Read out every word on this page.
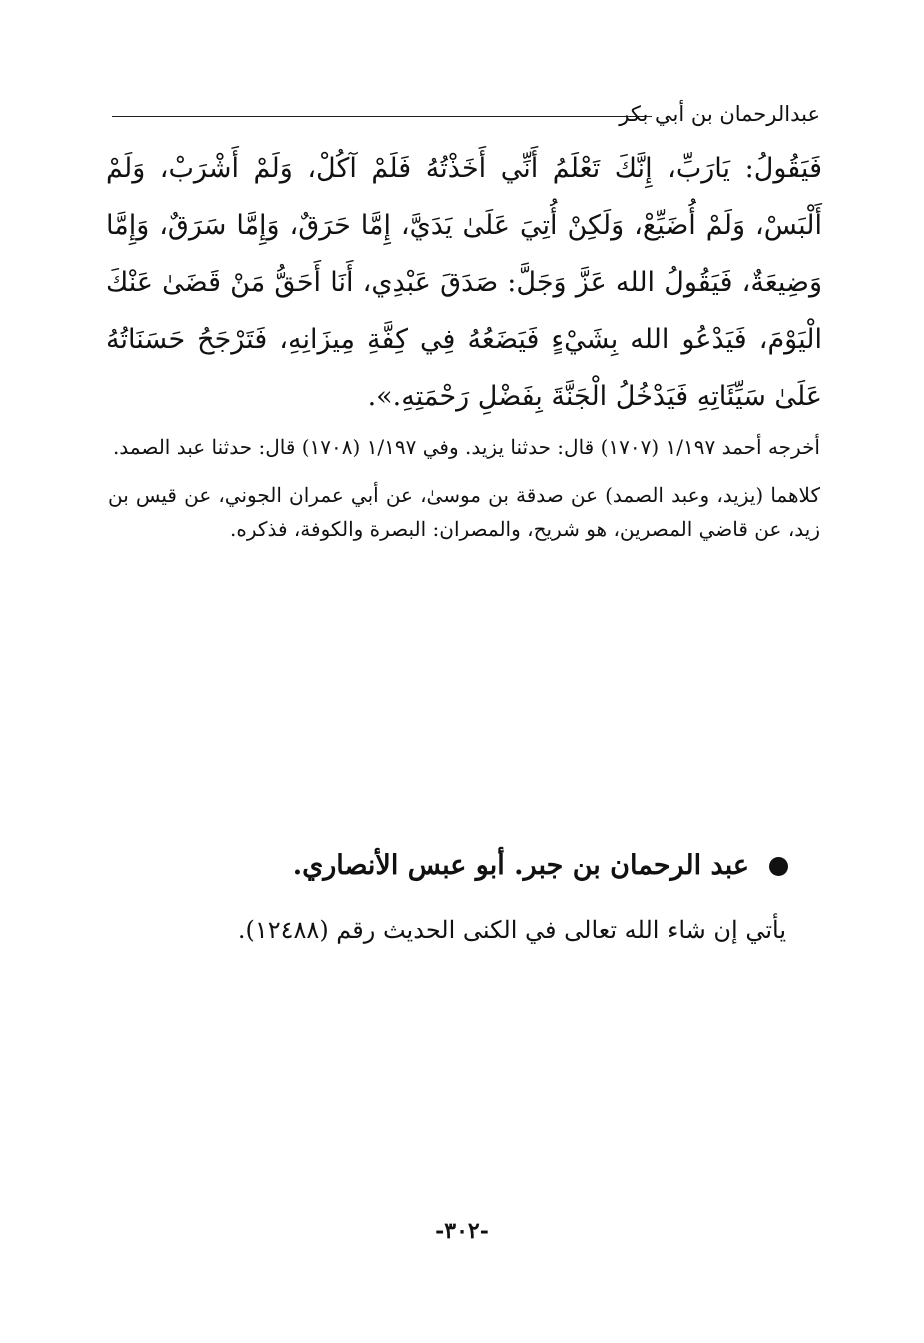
عبدالرحمان بن أبي بكر
فَيَقُولُ: يَارَبِّ، إِنَّكَ تَعْلَمُ أَنِّي أَخَذْتُهُ فَلَمْ آكُلْ، وَلَمْ أَشْرَبْ، وَلَمْ أَلْبَسْ، وَلَمْ أُضَيِّعْ، وَلَكِنْ أُتِيَ عَلَىٰ يَدَيَّ، إِمَّا حَرَقٌ، وَإِمَّا سَرَقٌ، وَإِمَّا وَضِيعَةٌ، فَيَقُولُ الله عَزَّ وَجَلَّ: صَدَقَ عَبْدِي، أَنَا أَحَقُّ مَنْ قَضَىٰ عَنْكَ الْيَوْمَ، فَيَدْعُو الله بِشَيْءٍ فَيَضَعُهُ فِي كِفَّةِ مِيزَانِهِ، فَتَرْجَحُ حَسَنَاتُهُ عَلَىٰ سَيِّئَاتِهِ فَيَدْخُلُ الْجَنَّةَ بِفَضْلِ رَحْمَتِهِ.».

أخرجه أحمد ١/١٩٧ (١٧٠٧) قال: حدثنا يزيد. وفي ١/١٩٧ (١٧٠٨) قال: حدثنا عبد الصمد.

كلاهما (يزيد، وعبد الصمد) عن صدقة بن موسىٰ، عن أبي عمران الجوني، عن قيس بن زيد، عن قاضي المصرين، هو شريح، والمصران: البصرة والكوفة، فذكره.

عبد الرحمان بن جبر. أبو عبس الأنصاري.
يأتي إن شاء الله تعالى في الكنى الحديث رقم (١٢٤٨٨).
-٣٠٢-
